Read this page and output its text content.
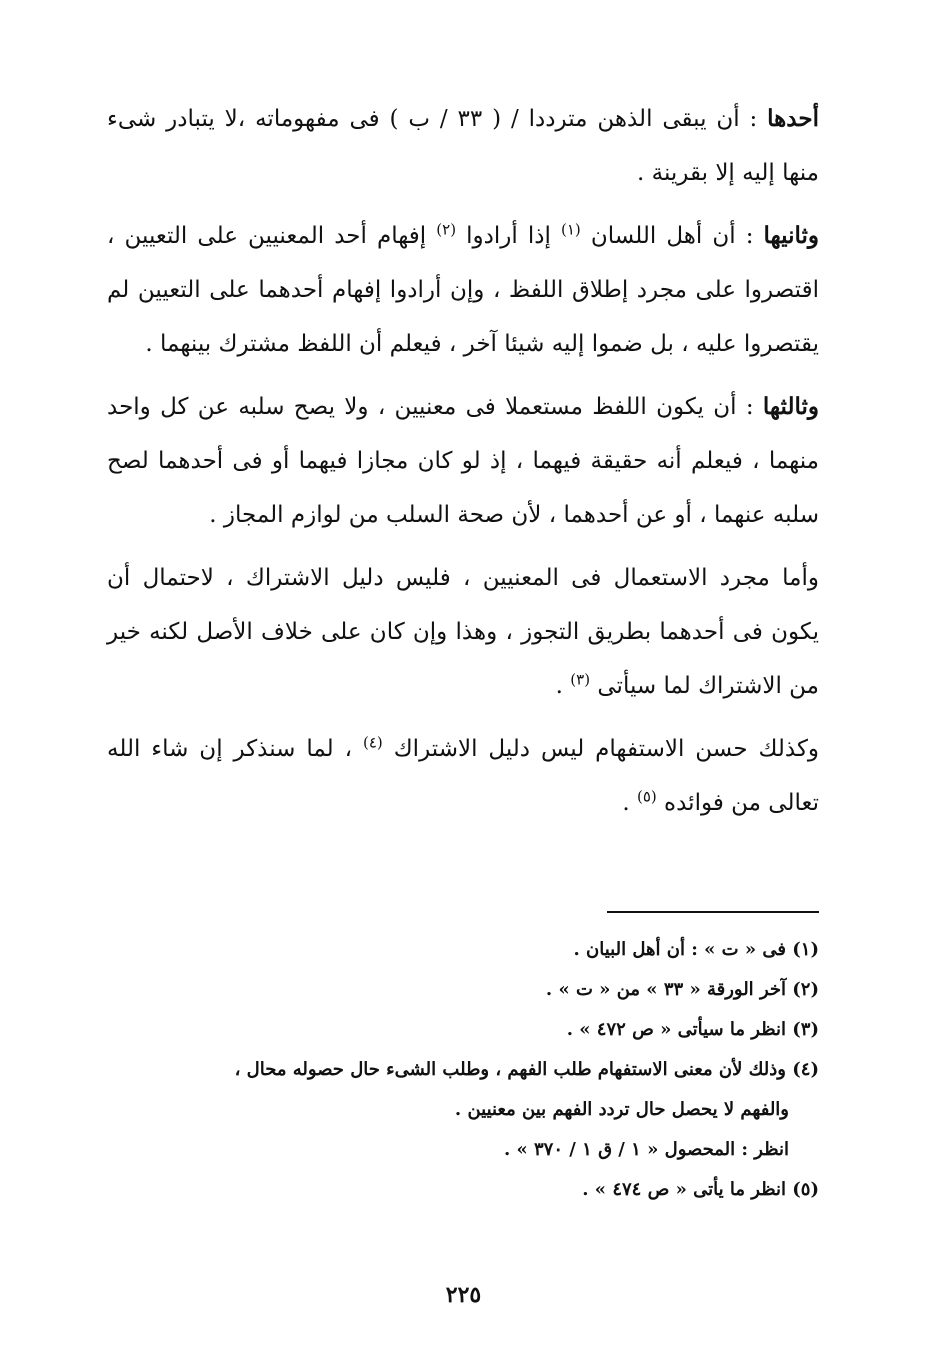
أحدها : أن يبقى الذهن مترددا / ( ٣٣ / ب ) فى مفهوماته ،لا يتبادر شىء منها إليه إلا بقرينة .

وثانيها : أن أهل اللسان $^{(١)}$ إذا أرادوا $^{(٢)}$ إفهام أحد المعنيين على التعيين ، اقتصروا على مجرد إطلاق اللفظ ، وإن أرادوا إفهام أحدهما على التعيين لم يقتصروا عليه ، بل ضموا إليه شيئا آخر ، فيعلم أن اللفظ مشترك بينهما .

وثالثها : أن يكون اللفظ مستعملا فى معنيين ، ولا يصح سلبه عن كل واحد منهما ، فيعلم أنه حقيقة فيهما ، إذ لو كان مجازا فيهما أو فى أحدهما لصح سلبه عنهما ، أو عن أحدهما ، لأن صحة السلب من لوازم المجاز .

وأما مجرد الاستعمال فى المعنيين ، فليس دليل الاشتراك ، لاحتمال أن يكون فى أحدهما بطريق التجوز ، وهذا وإن كان على خلاف الأصل لكنه خير من الاشتراك لما سيأتى $^{(٣)}$ .

وكذلك حسن الاستفهام ليس دليل الاشتراك $^{(٤)}$ ، لما سنذكر إن شاء الله تعالى من فوائده $^{(٥)}$ .

(١) فى « ت » : أن أهل البيان .

(٢) آخر الورقة « ٣٣ » من « ت » .

(٣) انظر ما سيأتى « ص ٤٧٢ » .

(٤) وذلك لأن معنى الاستفهام طلب الفهم ، وطلب الشىء حال حصوله محال ،

والفهم لا يحصل حال تردد الفهم بين معنيين .

انظر : المحصول « ١ / ق ١ / ٣٧٠ » .

(٥) انظر ما يأتى « ص ٤٧٤ » .

٢٢٥
